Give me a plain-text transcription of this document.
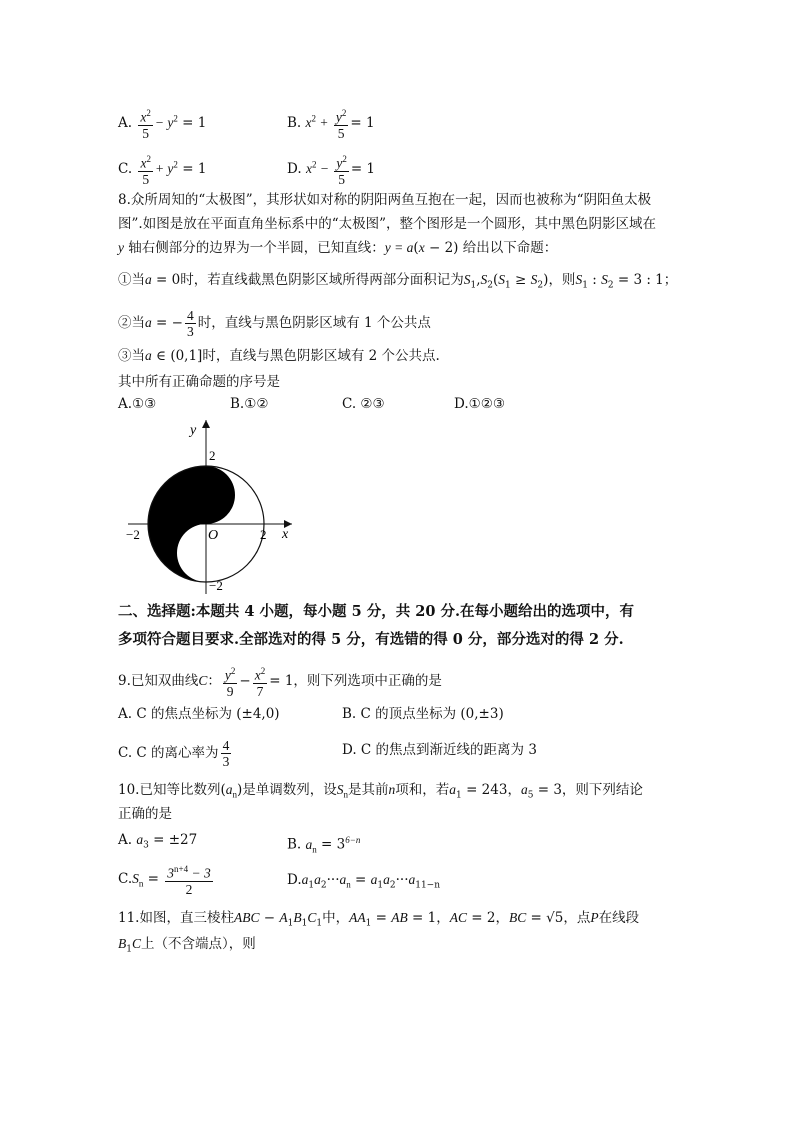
A. $\frac{x^2}{5} - y^2 = 1$	B. $x^2 + \frac{y^2}{5} = 1$
C. $\frac{x^2}{5} + y^2 = 1$	D. $x^2 - \frac{y^2}{5} = 1$
8.众所周知的“太极图”，其形状如对称的阴阳两鱼互抱在一起，因而也被称为“阴阳鱼太极
图”.如图是放在平面直角坐标系中的“太极图”，整个图形是一个圆形，其中黑色阴影区域在
y 轴右侧部分的边界为一个半圆，已知直线：y = a(x − 2) 给出以下命题：
①当a = 0时，若直线截黑色阴影区域所得两部分面积记为$S_1,S_2(S_1 \ge S_2)$，则$S_1$ : $S_2 = 3$ : 1；
②当a = − $\frac{4}{3}$ 时，直线与黑色阴影区域有 1 个公共点
③当a ∈ (0,1]时，直线与黑色阴影区域有 2 个公共点.
其中所有正确命题的序号是
A.①③	B.①②	C. ②③	D.①②③
y
x
O
2
2
−2
−2
二、选择题:本题共 4 小题，每小题 5 分，共 20 分.在每小题给出的选项中，有
多项符合题目要求.全部选对的得 5 分，有选错的得 0 分，部分选对的得 2 分.
9.已知双曲线C： $\frac{y^2}{9} - \frac{x^2}{7} = 1$，则下列选项中正确的是
A. C 的焦点坐标为 (±4,0)	B. C 的顶点坐标为 (0,±3)
C. C 的离心率为 $\frac{4}{3}$	D. C 的焦点到渐近线的距离为 3
10.已知等比数列$(a_n)$是单调数列，设$S_n$是其前n项和，若$a_1 = 243$，$a_5 = 3$，则下列结论
正确的是
A. $a_3 = \pm 27$	B. $a_n = 3^{6-n}$
$C.S_n = \frac{3^{n+4} - 3}{2}$	$D.a_1a_2\cdot\cdot\cdot a_n = a_1a_2\cdot\cdot\cdot a_{11-n}$
11.如图，直三棱柱ABC − $A_1B_1C_1$中，$AA_1$ = AB = 1，AC = 2，BC = √5，点P在线段
$B_1C$上（不含端点），则
